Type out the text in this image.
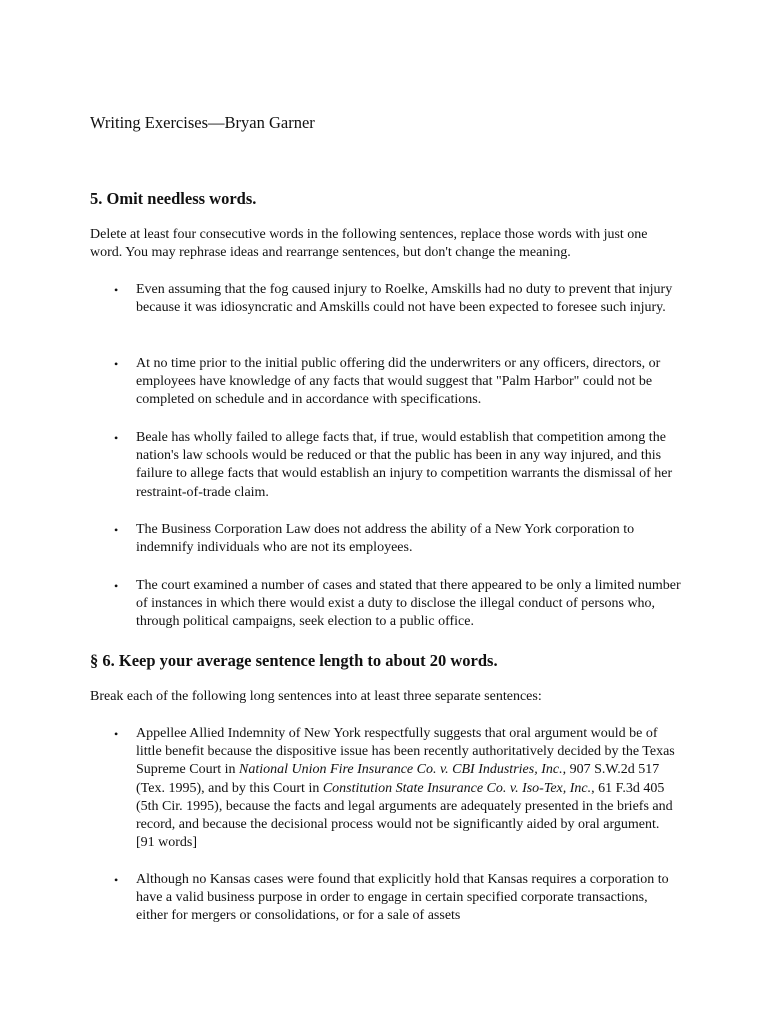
Writing Exercises—Bryan Garner
5. Omit needless words.

Delete at least four consecutive words in the following sentences, replace those words with just one word. You may rephrase ideas and rearrange sentences, but don't change the meaning.

• Even assuming that the fog caused injury to Roelke, Amskills had no duty to prevent that injury because it was idiosyncratic and Amskills could not have been expected to foresee such injury.
• At no time prior to the initial public offering did the underwriters or any officers, directors, or employees have knowledge of any facts that would suggest that "Palm Harbor" could not be completed on schedule and in accordance with specifications.
• Beale has wholly failed to allege facts that, if true, would establish that competition among the nation's law schools would be reduced or that the public has been in any way injured, and this failure to allege facts that would establish an injury to competition warrants the dismissal of her restraint-of-trade claim.
• The Business Corporation Law does not address the ability of a New York corporation to indemnify individuals who are not its employees.
• The court examined a number of cases and stated that there appeared to be only a limited number of instances in which there would exist a duty to disclose the illegal conduct of persons who, through political campaigns, seek election to a public office.
§ 6. Keep your average sentence length to about 20 words.

Break each of the following long sentences into at least three separate sentences:

• Appellee Allied Indemnity of New York respectfully suggests that oral argument would be of little benefit because the dispositive issue has been recently authoritatively decided by the Texas Supreme Court in National Union Fire Insurance Co. v. CBI Industries, Inc., 907 S.W.2d 517 (Tex. 1995), and by this Court in Constitution State Insurance Co. v. Iso-Tex, Inc., 61 F.3d 405 (5th Cir. 1995), because the facts and legal arguments are adequately presented in the briefs and record, and because the decisional process would not be significantly aided by oral argument. [91 words]
• Although no Kansas cases were found that explicitly hold that Kansas requires a corporation to have a valid business purpose in order to engage in certain specified corporate transactions, either for mergers or consolidations, or for a sale of assets
